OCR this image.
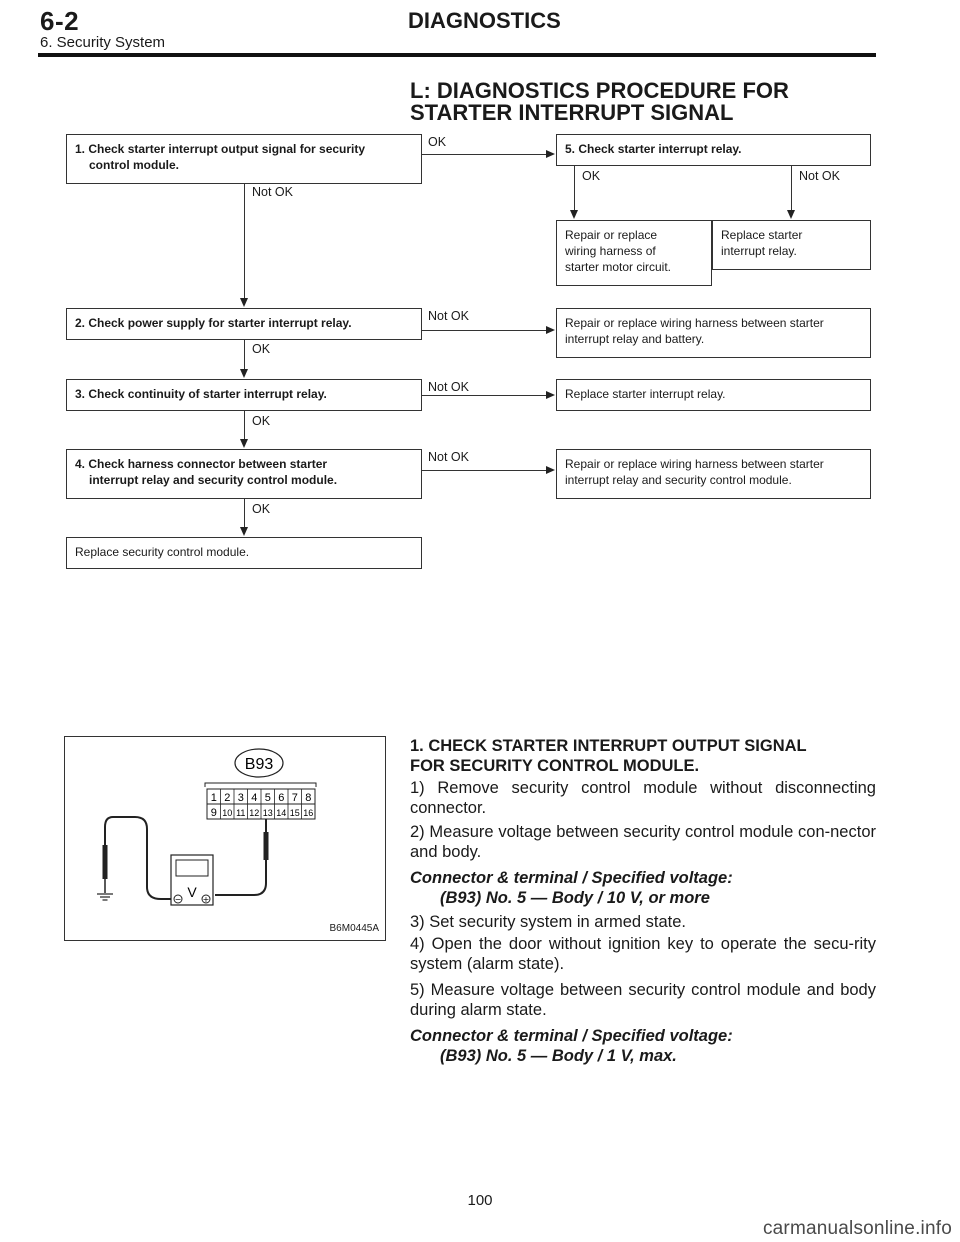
6-2	DIAGNOSTICS
6. Security System
L: DIAGNOSTICS PROCEDURE FOR
STARTER INTERRUPT SIGNAL
1. Check starter interrupt output signal for security
control module.
OK	5. Check starter interrupt relay.
OK
Repair or replace
wiring harness of
starter motor circuit.
Not OK
Replace starter
interrupt relay.
Not OK
2. Check power supply for starter interrupt relay.	Not OK	Repair or replace wiring harness between starter
interrupt relay and battery.
OK
3. Check continuity of starter interrupt relay.	Not OK	Replace starter interrupt relay.
OK
4. Check harness connector between starter
interrupt relay and security control module.
Not OK	Repair or replace wiring harness between starter
interrupt relay and security control module.
OK
Replace security control module.
B93
1 2 3 4 5 6 7 8
9 10 11 12 13 14 15 16
V
−	+
B6M0445A
1. CHECK STARTER INTERRUPT OUTPUT SIGNAL
FOR SECURITY CONTROL MODULE.
1) Remove security control module without disconnecting connector.
2) Measure voltage between security control module con-nector and body.
Connector & terminal / Specified voltage:
(B93) No. 5 — Body / 10 V, or more
3) Set security system in armed state.
4) Open the door without ignition key to operate the secu-rity system (alarm state).
5) Measure voltage between security control module and body during alarm state.
Connector & terminal / Specified voltage:
(B93) No. 5 — Body / 1 V, max.
100
carmanualsonline.info
